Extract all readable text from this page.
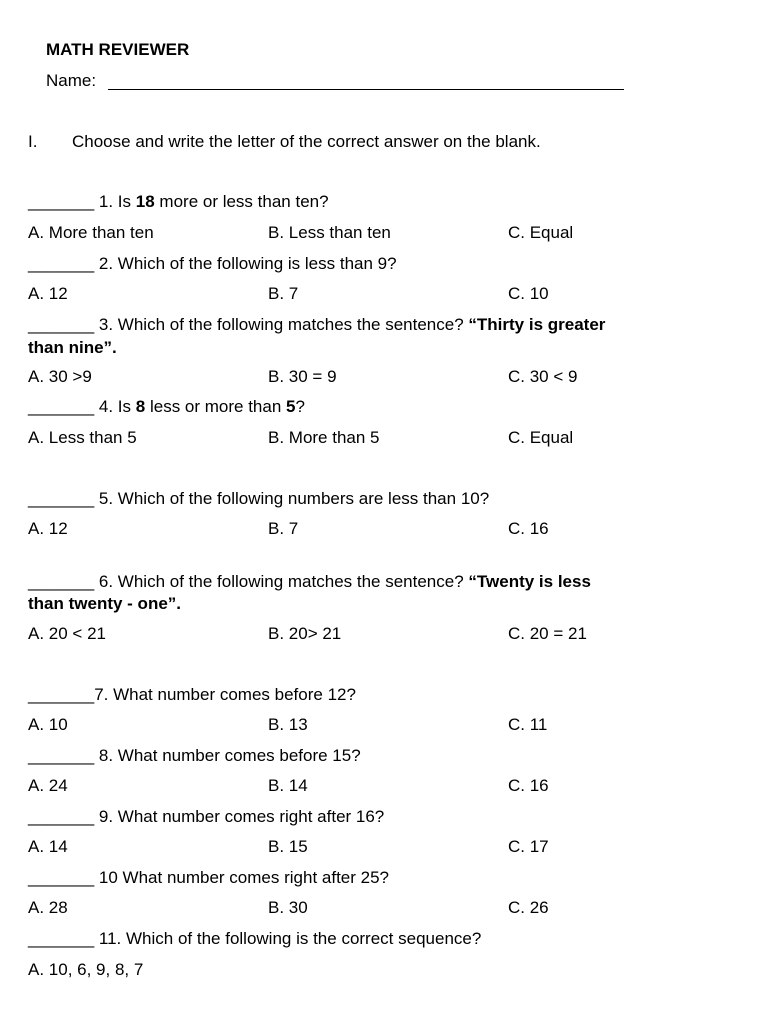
MATH REVIEWER
Name:
I. Choose and write the letter of the correct answer on the blank.
_______ 1. Is 18 more or less than ten?
A. More than ten	B. Less than ten	C. Equal
_______ 2. Which of the following is less than 9?
A. 12	B. 7	C. 10
_______ 3. Which of the following matches the sentence? “Thirty is greater
than nine”.
A. 30 >9	B. 30 = 9	C. 30 < 9
_______ 4. Is 8 less or more than 5?
A. Less than 5	B. More than 5	C. Equal
_______ 5. Which of the following numbers are less than 10?
A. 12	B. 7	C. 16
_______ 6. Which of the following matches the sentence? “Twenty is less
than twenty - one”.
A. 20 < 21	B. 20> 21	C. 20 = 21
_______7. What number comes before 12?
A. 10	B. 13	C. 11
_______ 8. What number comes before 15?
A. 24	B. 14	C. 16
_______ 9. What number comes right after 16?
A. 14	B. 15	C. 17
_______ 10 What number comes right after 25?
A. 28	B. 30	C. 26
_______ 11. Which of the following is the correct sequence?
A. 10, 6, 9, 8, 7
